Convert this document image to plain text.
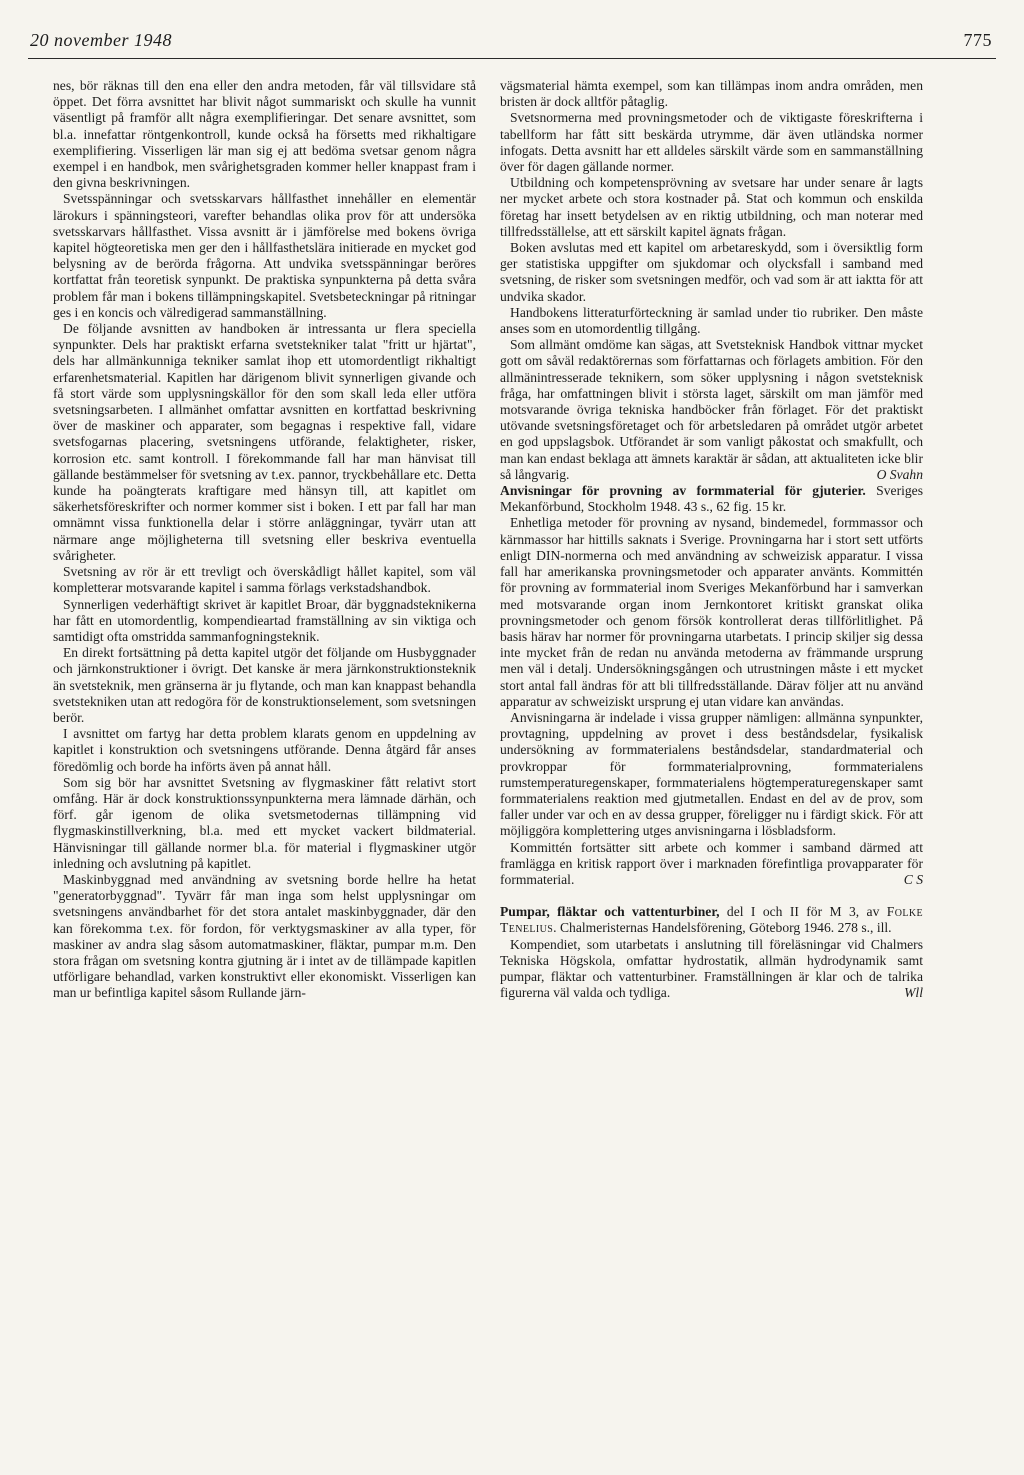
20 november 1948	775

nes, bör räknas till den ena eller den andra metoden, får väl tillsvidare stå öppet. Det förra avsnittet har blivit något summariskt och skulle ha vunnit väsentligt på framför allt några exemplifieringar. Det senare avsnittet, som bl.a. innefattar röntgenkontroll, kunde också ha försetts med rikhaltigare exemplifiering. Visserligen lär man sig ej att bedöma svetsar genom några exempel i en handbok, men svårighetsgraden kommer heller knappast fram i den givna beskrivningen.

Svetsspänningar och svetsskarvars hållfasthet innehåller en elementär lärokurs i spänningsteori, varefter behandlas olika prov för att undersöka svetsskarvars hållfasthet. Vissa avsnitt är i jämförelse med bokens övriga kapitel högteoretiska men ger den i hållfasthetslära initierade en mycket god belysning av de berörda frågorna. Att undvika svetsspänningar beröres kortfattat från teoretisk synpunkt. De praktiska synpunkterna på detta svåra problem får man i bokens tillämpningskapitel. Svetsbeteckningar på ritningar ges i en koncis och välredigerad sammanställning.

De följande avsnitten av handboken är intressanta ur flera speciella synpunkter. Dels har praktiskt erfarna svetstekniker talat "fritt ur hjärtat", dels har allmänkunniga tekniker samlat ihop ett utomordentligt rikhaltigt erfarenhetsmaterial. Kapitlen har därigenom blivit synnerligen givande och få stort värde som upplysningskällor för den som skall leda eller utföra svetsningsarbeten. I allmänhet omfattar avsnitten en kortfattad beskrivning över de maskiner och apparater, som begagnas i respektive fall, vidare svetsfogarnas placering, svetsningens utförande, felaktigheter, risker, korrosion etc. samt kontroll. I förekommande fall har man hänvisat till gällande bestämmelser för svetsning av t.ex. pannor, tryckbehållare etc. Detta kunde ha poängterats kraftigare med hänsyn till, att kapitlet om säkerhetsföreskrifter och normer kommer sist i boken. I ett par fall har man omnämnt vissa funktionella delar i större anläggningar, tyvärr utan att närmare ange möjligheterna till svetsning eller beskriva eventuella svårigheter.

Svetsning av rör är ett trevligt och överskådligt hållet kapitel, som väl kompletterar motsvarande kapitel i samma förlags verkstadshandbok.

Synnerligen vederhäftigt skrivet är kapitlet Broar, där byggnadsteknikerna har fått en utomordentlig, kompendieartad framställning av sin viktiga och samtidigt ofta omstridda sammanfogningsteknik.

En direkt fortsättning på detta kapitel utgör det följande om Husbyggnader och järnkonstruktioner i övrigt. Det kanske är mera järnkonstruktionsteknik än svetsteknik, men gränserna är ju flytande, och man kan knappast behandla svetstekniken utan att redogöra för de konstruktionselement, som svetsningen berör.

I avsnittet om fartyg har detta problem klarats genom en uppdelning av kapitlet i konstruktion och svetsningens utförande. Denna åtgärd får anses föredömlig och borde ha införts även på annat håll.

Som sig bör har avsnittet Svetsning av flygmaskiner fått relativt stort omfång. Här är dock konstruktionssynpunkterna mera lämnade därhän, och förf. går igenom de olika svetsmetodernas tillämpning vid flygmaskinstillverkning, bl.a. med ett mycket vackert bildmaterial. Hänvisningar till gällande normer bl.a. för material i flygmaskiner utgör inledning och avslutning på kapitlet.

Maskinbyggnad med användning av svetsning borde hellre ha hetat "generatorbyggnad". Tyvärr får man inga som helst upplysningar om svetsningens användbarhet för det stora antalet maskinbyggnader, där den kan förekomma t.ex. för fordon, för verktygsmaskiner av alla typer, för maskiner av andra slag såsom automatmaskiner, fläktar, pumpar m.m. Den stora frågan om svetsning kontra gjutning är i intet av de tillämpade kapitlen utförligare behandlad, varken konstruktivt eller ekonomiskt. Visserligen kan man ur befintliga kapitel såsom Rullande järn-

vägsmaterial hämta exempel, som kan tillämpas inom andra områden, men bristen är dock alltför påtaglig.

Svetsnormerna med provningsmetoder och de viktigaste föreskrifterna i tabellform har fått sitt beskärda utrymme, där även utländska normer infogats. Detta avsnitt har ett alldeles särskilt värde som en sammanställning över för dagen gällande normer.

Utbildning och kompetensprövning av svetsare har under senare år lagts ner mycket arbete och stora kostnader på. Stat och kommun och enskilda företag har insett betydelsen av en riktig utbildning, och man noterar med tillfredsställelse, att ett särskilt kapitel ägnats frågan.

Boken avslutas med ett kapitel om arbetareskydd, som i översiktlig form ger statistiska uppgifter om sjukdomar och olycksfall i samband med svetsning, de risker som svetsningen medför, och vad som är att iaktta för att undvika skador.

Handbokens litteraturförteckning är samlad under tio rubriker. Den måste anses som en utomordentlig tillgång.

Som allmänt omdöme kan sägas, att Svetsteknisk Handbok vittnar mycket gott om såväl redaktörernas som författarnas och förlagets ambition. För den allmänintresserade teknikern, som söker upplysning i någon svetsteknisk fråga, har omfattningen blivit i största laget, särskilt om man jämför med motsvarande övriga tekniska handböcker från förlaget. För det praktiskt utövande svetsningsföretaget och för arbetsledaren på området utgör arbetet en god uppslagsbok. Utförandet är som vanligt påkostat och smakfullt, och man kan endast beklaga att ämnets karaktär är sådan, att aktualiteten icke blir så långvarig.	O Svahn

Anvisningar för provning av formmaterial för gjuterier. Sveriges Mekanförbund, Stockholm 1948. 43 s., 62 fig. 15 kr.

Enhetliga metoder för provning av nysand, bindemedel, formmassor och kärnmassor har hittills saknats i Sverige. Provningarna har i stort sett utförts enligt DIN-normerna och med användning av schweizisk apparatur. I vissa fall har amerikanska provningsmetoder och apparater använts. Kommittén för provning av formmaterial inom Sveriges Mekanförbund har i samverkan med motsvarande organ inom Jernkontoret kritiskt granskat olika provningsmetoder och genom försök kontrollerat deras tillförlitlighet. På basis härav har normer för provningarna utarbetats. I princip skiljer sig dessa inte mycket från de redan nu använda metoderna av främmande ursprung men väl i detalj. Undersökningsgången och utrustningen måste i ett mycket stort antal fall ändras för att bli tillfredsställande. Därav följer att nu använd apparatur av schweiziskt ursprung ej utan vidare kan användas.

Anvisningarna är indelade i vissa grupper nämligen: allmänna synpunkter, provtagning, uppdelning av provet i dess beståndsdelar, fysikalisk undersökning av formmaterialens beståndsdelar, standardmaterial och provkroppar för formmaterialprovning, formmaterialens rumstemperaturegenskaper, formmaterialens högtemperaturegenskaper samt formmaterialens reaktion med gjutmetallen. Endast en del av de prov, som faller under var och en av dessa grupper, föreligger nu i färdigt skick. För att möjliggöra komplettering utges anvisningarna i lösbladsform.

Kommittén fortsätter sitt arbete och kommer i samband därmed att framlägga en kritisk rapport över i marknaden förefintliga provapparater för formmaterial.	C S

Pumpar, fläktar och vattenturbiner, del I och II för M 3, av Folke Tenelius. Chalmeristernas Handelsförening, Göteborg 1946. 278 s., ill.

Kompendiet, som utarbetats i anslutning till föreläsningar vid Chalmers Tekniska Högskola, omfattar hydrostatik, allmän hydrodynamik samt pumpar, fläktar och vattenturbiner. Framställningen är klar och de talrika figurerna väl valda och tydliga.	Wll
